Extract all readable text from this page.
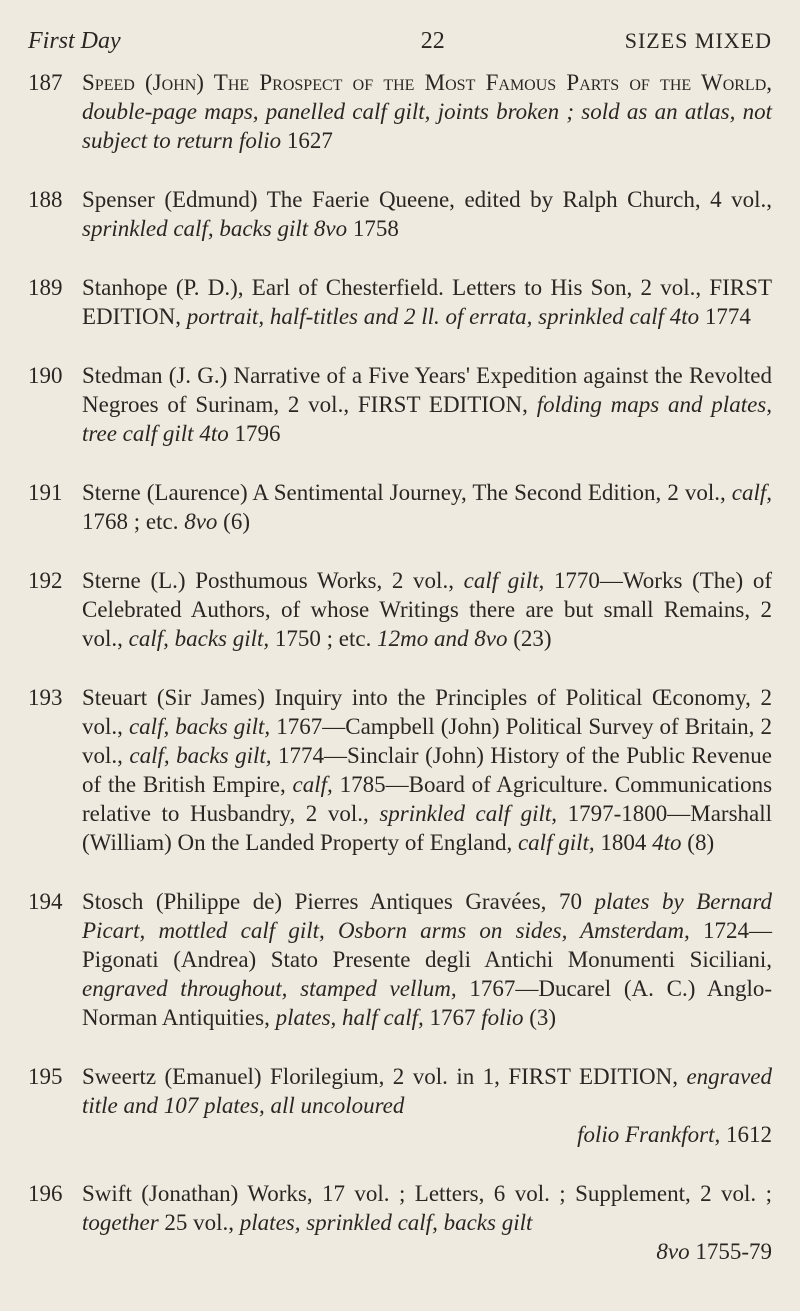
First Day	22	SIZES MIXED
187 Speed (John) The Prospect of the Most Famous Parts of the World, double-page maps, panelled calf gilt, joints broken ; sold as an atlas, not subject to return folio 1627
188 Spenser (Edmund) The Faerie Queene, edited by Ralph Church, 4 vol., sprinkled calf, backs gilt 8vo 1758
189 Stanhope (P. D.), Earl of Chesterfield. Letters to His Son, 2 vol., FIRST EDITION, portrait, half-titles and 2 ll. of errata, sprinkled calf 4to 1774
190 Stedman (J. G.) Narrative of a Five Years' Expedition against the Revolted Negroes of Surinam, 2 vol., FIRST EDITION, folding maps and plates, tree calf gilt 4to 1796
191 Sterne (Laurence) A Sentimental Journey, The Second Edition, 2 vol., calf, 1768 ; etc. 8vo (6)
192 Sterne (L.) Posthumous Works, 2 vol., calf gilt, 1770—Works (The) of Celebrated Authors, of whose Writings there are but small Remains, 2 vol., calf, backs gilt, 1750 ; etc. 12mo and 8vo (23)
193 Steuart (Sir James) Inquiry into the Principles of Political Œconomy, 2 vol., calf, backs gilt, 1767—Campbell (John) Political Survey of Britain, 2 vol., calf, backs gilt, 1774—Sinclair (John) History of the Public Revenue of the British Empire, calf, 1785—Board of Agriculture. Communications relative to Husbandry, 2 vol., sprinkled calf gilt, 1797-1800—Marshall (William) On the Landed Property of England, calf gilt, 1804 4to (8)
194 Stosch (Philippe de) Pierres Antiques Gravées, 70 plates by Bernard Picart, mottled calf gilt, Osborn arms on sides, Amsterdam, 1724—Pigonati (Andrea) Stato Presente degli Antichi Monumenti Siciliani, engraved throughout, stamped vellum, 1767—Ducarel (A. C.) Anglo-Norman Antiquities, plates, half calf, 1767 folio (3)
195 Sweertz (Emanuel) Florilegium, 2 vol. in 1, FIRST EDITION, engraved title and 107 plates, all uncoloured
folio Frankfort, 1612
196 Swift (Jonathan) Works, 17 vol. ; Letters, 6 vol. ; Supplement, 2 vol. ; together 25 vol., plates, sprinkled calf, backs gilt
8vo 1755-79
